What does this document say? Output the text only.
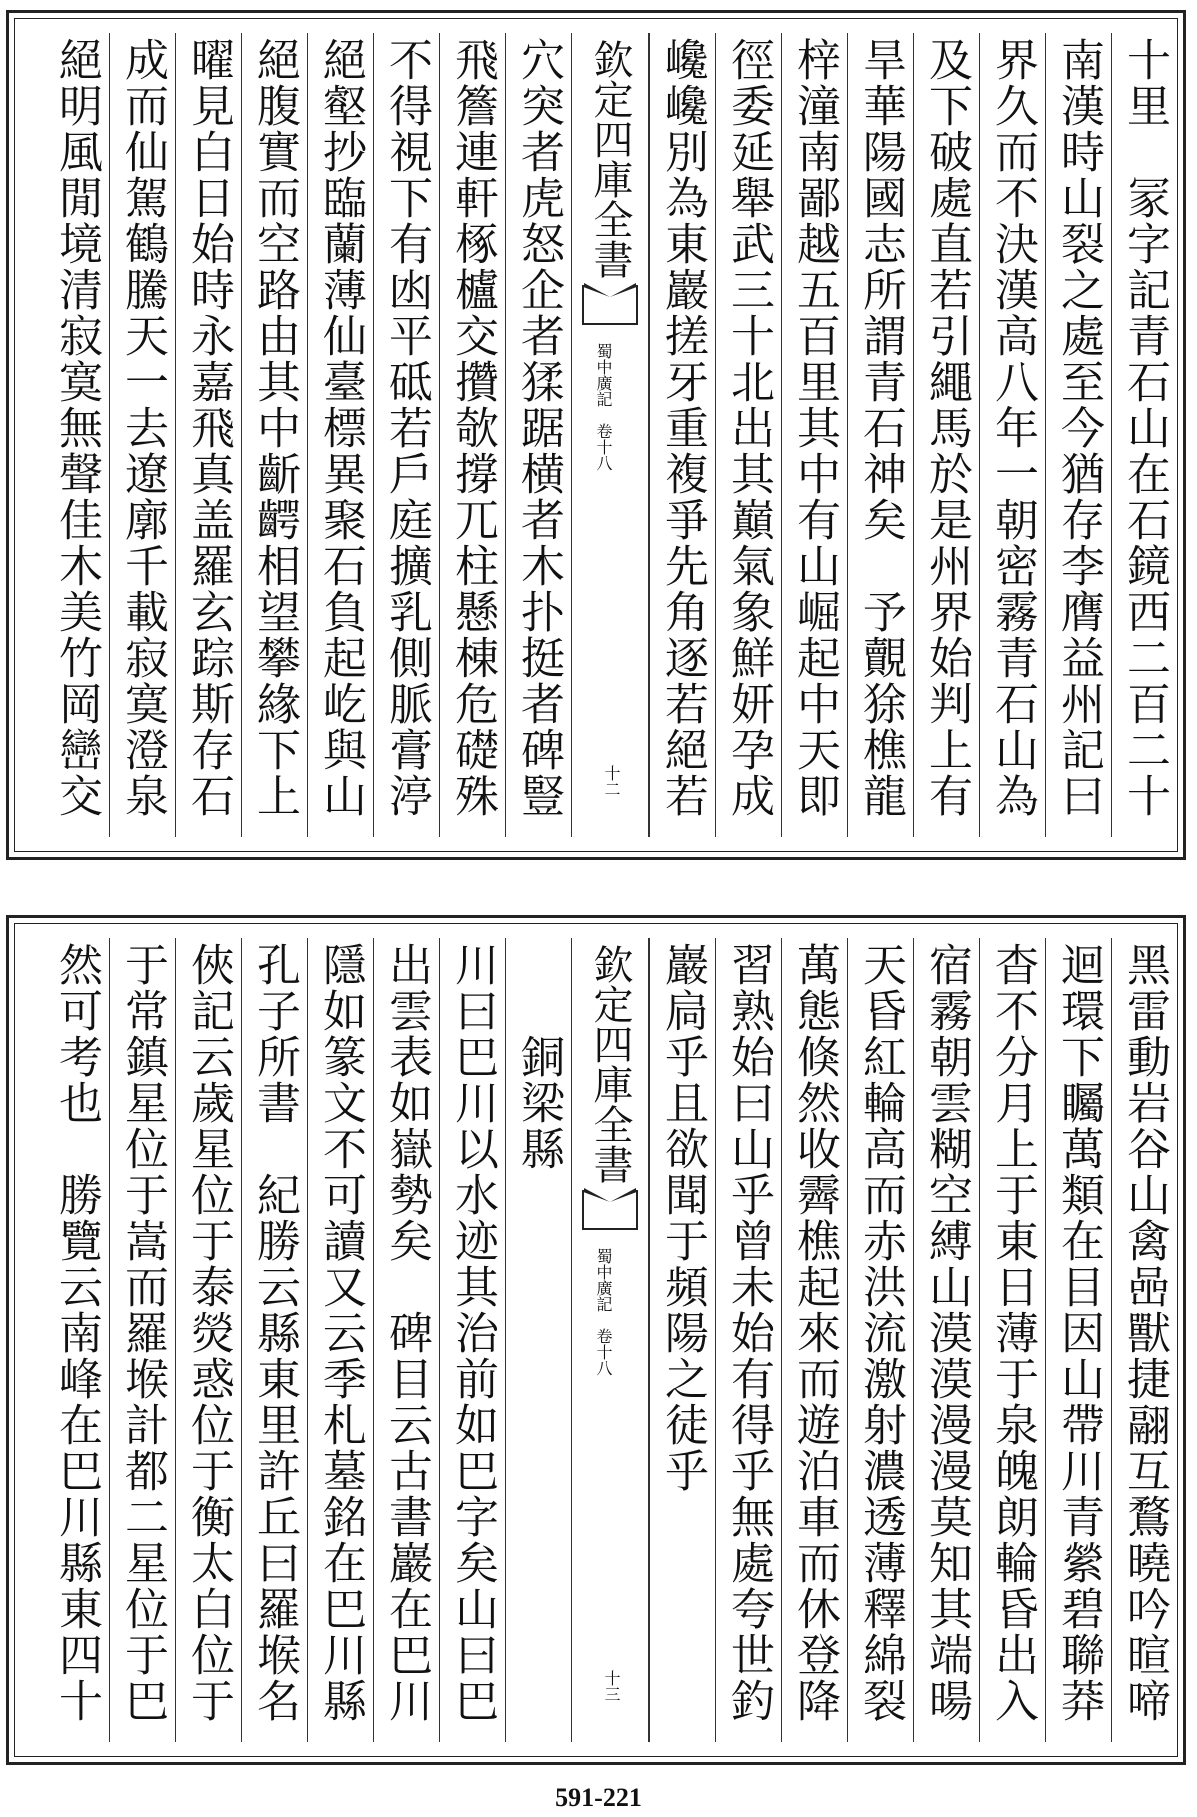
十里　冡字記青石山在石鏡西二百二十
南漢時山裂之處至今猶存李膺益州記曰
界久而不決漢高八年一朝密霧青石山為
及下破處直若引繩馬於是州界始判上有
旱華陽國志所謂青石神矣　予覿狳樵龍
梓潼南鄙越五百里其中有山崛起中天即
徑委延舉武三十北出其巔氣象鮮妍孕成
巉巉別為東巖搓牙重複爭先角逐若絕若
欽定四庫全書
蜀中廣記　卷十八
十二
穴突者虎怒企者猱踞横者木扑挺者碑豎
飛簷連軒椓櫨交攢欹撐兀柱懸棟危礎殊
不得視下有凼平砥若戶庭擴乳側脈膏渟
絕壑抄臨蘭薄仙臺標異聚石負起屹與山
絕腹實而空路由其中齗齶相望攀緣下上
曜見白日始時永嘉飛真盖羅玄踪斯存石
成而仙駕鶴騰天一去遼廓千載寂寞澄泉
絕明風閒境清寂寞無聲佳木美竹岡巒交
黑雷動岩谷山禽喦獸捷翮互鶩曉吟暄啼
迴環下矚萬類在目因山帶川青縈碧聯莽
杳不分月上于東日薄于泉魄朗輪昏出入
宿霧朝雲糊空縛山漠漠漫漫莫知其端暘
天昏紅輪高而赤洪流激射濃透薄釋綿裂
萬態倏然收霽樵起來而遊泊車而休登降
習熟始曰山乎曾未始有得乎無處夸世釣
巖扃乎且欲聞于頻陽之徒乎
欽定四庫全書
蜀中廣記　卷十八
十三
　　銅梁縣
川曰巴川以水迹其治前如巴字矣山曰巴
出雲表如嶽勢矣　碑目云古書巖在巴川
隱如篆文不可讀又云季札墓銘在巴川縣
孔子所書　紀勝云縣東里許丘曰羅堠名
俠記云歲星位于泰熒惑位于衡太白位于
于常鎮星位于嵩而羅堠計都二星位于巴
然可考也　勝覽云南峰在巴川縣東四十
591-221
